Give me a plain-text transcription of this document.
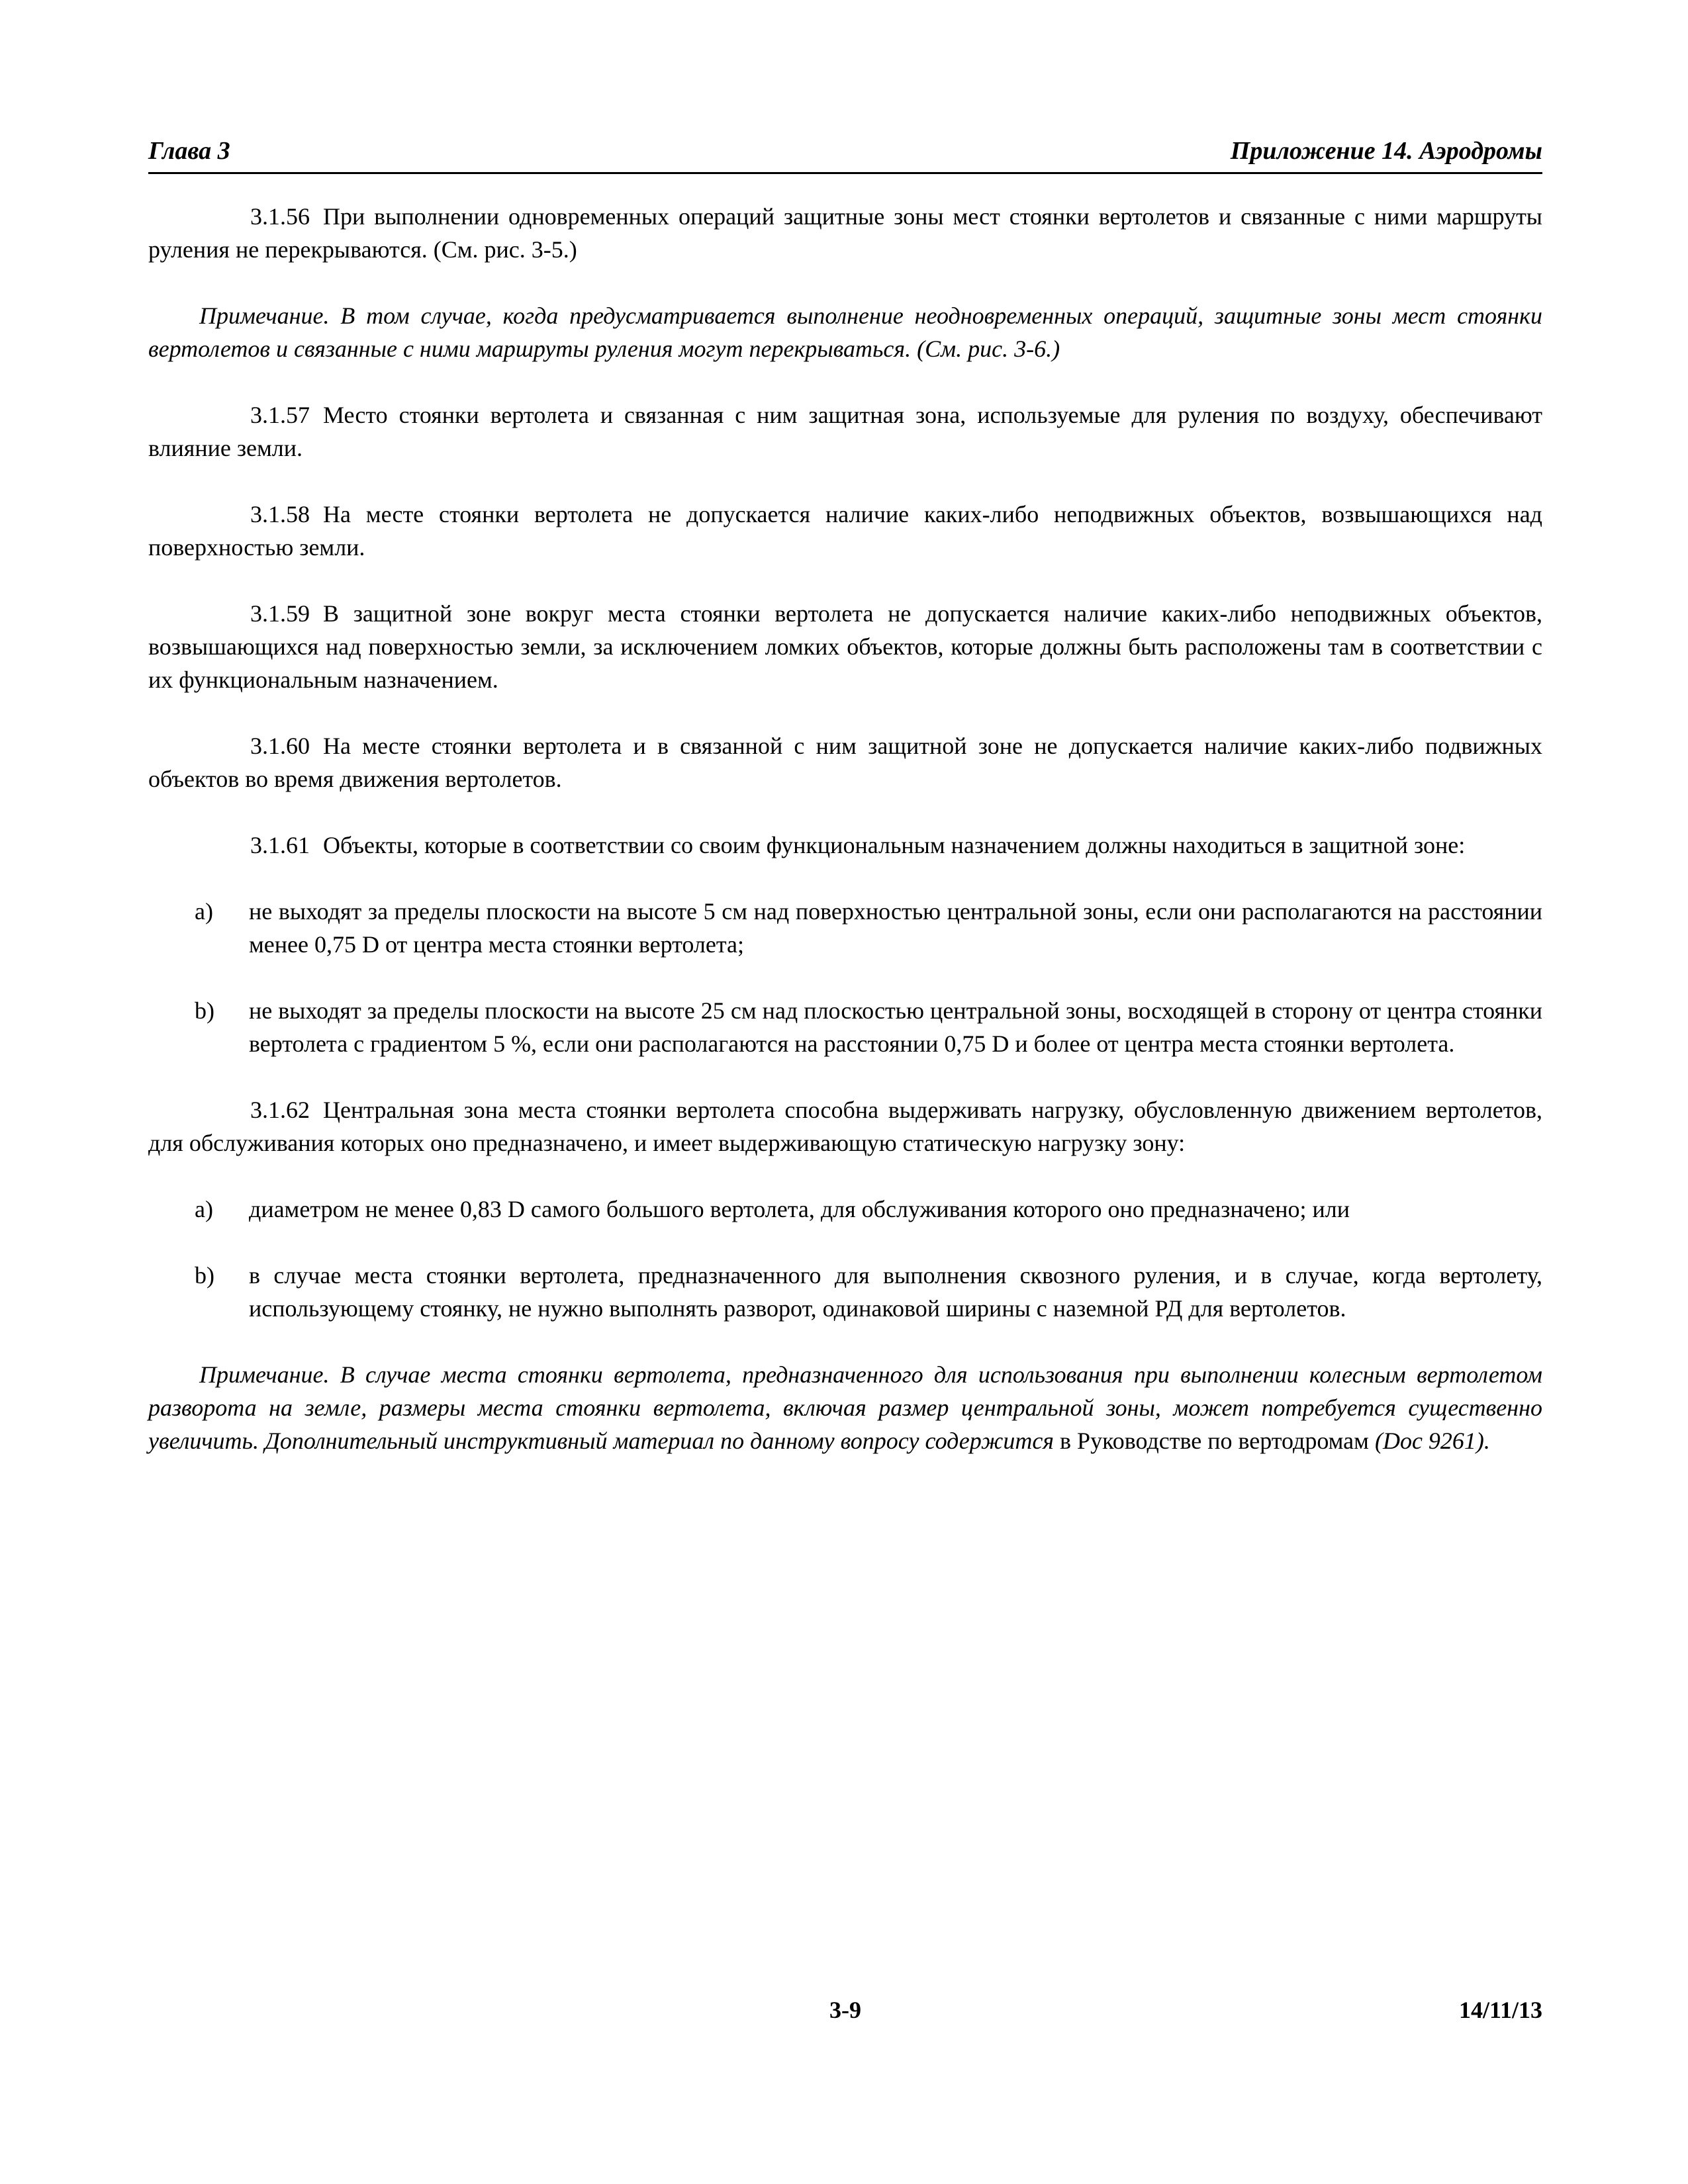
Глава 3	Приложение 14. Аэродромы

3.1.56 При выполнении одновременных операций защитные зоны мест стоянки вертолетов и связанные с ними маршруты руления не перекрываются. (См. рис. 3-5.)

Примечание. В том случае, когда предусматривается выполнение неодновременных операций, защитные зоны мест стоянки вертолетов и связанные с ними маршруты руления могут перекрываться. (См. рис. 3-6.)

3.1.57 Место стоянки вертолета и связанная с ним защитная зона, используемые для руления по воздуху, обеспечивают влияние земли.

3.1.58 На месте стоянки вертолета не допускается наличие каких-либо неподвижных объектов, возвышающихся над поверхностью земли.

3.1.59 В защитной зоне вокруг места стоянки вертолета не допускается наличие каких-либо неподвижных объектов, возвышающихся над поверхностью земли, за исключением ломких объектов, которые должны быть расположены там в соответствии с их функциональным назначением.

3.1.60 На месте стоянки вертолета и в связанной с ним защитной зоне не допускается наличие каких-либо подвижных объектов во время движения вертолетов.

3.1.61 Объекты, которые в соответствии со своим функциональным назначением должны находиться в защитной зоне:

a) не выходят за пределы плоскости на высоте 5 см над поверхностью центральной зоны, если они располагаются на расстоянии менее 0,75 D от центра места стоянки вертолета;
b) не выходят за пределы плоскости на высоте 25 см над плоскостью центральной зоны, восходящей в сторону от центра стоянки вертолета с градиентом 5 %, если они располагаются на расстоянии 0,75 D и более от центра места стоянки вертолета.

3.1.62 Центральная зона места стоянки вертолета способна выдерживать нагрузку, обусловленную движением вертолетов, для обслуживания которых оно предназначено, и имеет выдерживающую статическую нагрузку зону:

a) диаметром не менее 0,83 D самого большого вертолета, для обслуживания которого оно предназначено; или
b) в случае места стоянки вертолета, предназначенного для выполнения сквозного руления, и в случае, когда вертолету, использующему стоянку, не нужно выполнять разворот, одинаковой ширины с наземной РД для вертолетов.

Примечание. В случае места стоянки вертолета, предназначенного для использования при выполнении колесным вертолетом разворота на земле, размеры места стоянки вертолета, включая размер центральной зоны, может потребуется существенно увеличить. Дополнительный инструктивный материал по данному вопросу содержится в Руководстве по вертодромам (Doc 9261).

3-9	14/11/13
